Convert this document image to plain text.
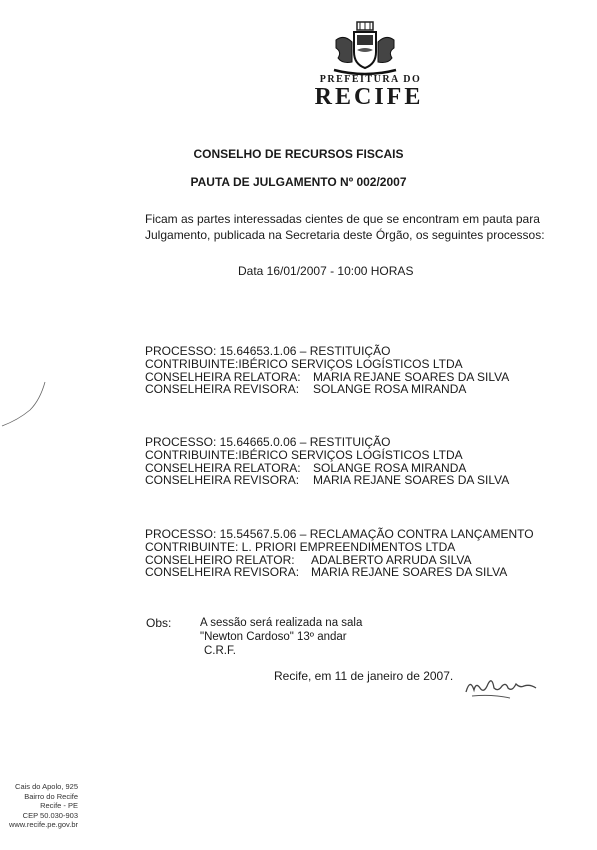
PREFEITURA DO
RECIFE
CONSELHO DE RECURSOS FISCAIS
PAUTA DE JULGAMENTO Nº 002/2007
Ficam as partes interessadas cientes de que se encontram em pauta para Julgamento, publicada na Secretaria deste Órgão, os seguintes processos:
Data 16/01/2007 - 10:00 HORAS
PROCESSO: 15.64653.1.06 – RESTITUIÇÃO
CONTRIBUINTE:IBÉRICO SERVIÇOS LOGÍSTICOS LTDA
CONSELHEIRA RELATORA:	MARIA REJANE SOARES DA SILVA
CONSELHEIRA REVISORA:	SOLANGE ROSA MIRANDA
PROCESSO: 15.64665.0.06 – RESTITUIÇÃO
CONTRIBUINTE:IBÉRICO SERVIÇOS LOGÍSTICOS LTDA
CONSELHEIRA RELATORA:	SOLANGE ROSA MIRANDA
CONSELHEIRA REVISORA:	MARIA REJANE SOARES DA SILVA
PROCESSO: 15.54567.5.06 – RECLAMAÇÃO CONTRA LANÇAMENTO
CONTRIBUINTE: L. PRIORI EMPREENDIMENTOS LTDA
CONSELHEIRO RELATOR:	ADALBERTO ARRUDA SILVA
CONSELHEIRA REVISORA: MARIA REJANE SOARES DA SILVA
Obs: A sessão será realizada na sala
"Newton Cardoso" 13º andar
C.R.F.
Recife, em 11 de janeiro de 2007.
Cais do Apolo, 925
Bairro do Recife
Recife - PE
CEP 50.030-903
www.recife.pe.gov.br
